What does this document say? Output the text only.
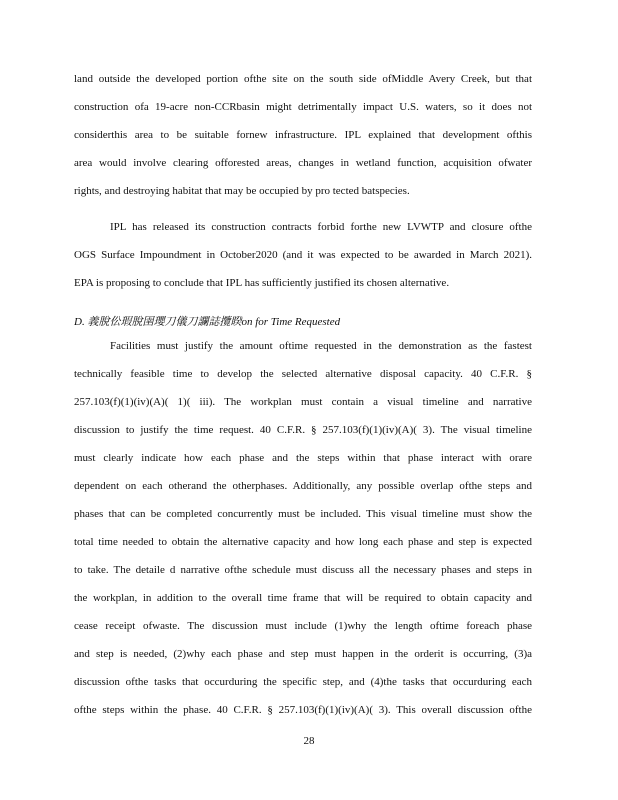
land outside the developed portion ofthe site on the south side ofMiddle Avery Creek, but that
construction ofa 19-acre non-CCRbasin might detrimentally impact U.S. waters, so it does not
considerthis area to be suitable fornew infrastructure. IPL explained that development ofthis
area would involve clearing offorested areas, changes in wetland function, acquisition ofwater
rights, and destroying habitat that may be occupied by pro tected batspecies.
IPL has released its construction contracts forbid forthe new LVWTP and closure ofthe
OGS Surface Impoundment in October2020 (and it was expected to be awarded in March 2021).
EPA is proposing to conclude that IPL has sufficiently justified its chosen alternative.
D. 義脫伀瑕脫圉瓔刀儀刀讕誌攬睽on for Time Requested
Facilities must justify the amount oftime requested in the demonstration as the fastest
technically feasible time to develop the selected alternative disposal capacity. 40 C.F.R. §
257.103(f)(1)(iv)(A)( 1)( iii). The workplan must contain a visual timeline and narrative
discussion to justify the time request. 40 C.F.R. § 257.103(f)(1)(iv)(A)( 3). The visual timeline
must clearly indicate how each phase and the steps within that phase interact with orare
dependent on each otherand the otherphases. Additionally, any possible overlap ofthe steps and
phases that can be completed concurrently must be included. This visual timeline must show the
total time needed to obtain the alternative capacity and how long each phase and step is expected
to take. The detaile d narrative ofthe schedule must discuss all the necessary phases and steps in
the workplan, in addition to the overall time frame that will be required to obtain capacity and
cease receipt ofwaste. The discussion must include (1)why the length oftime foreach phase
and step is needed, (2)why each phase and step must happen in the orderit is occurring, (3)a
discussion ofthe tasks that occurduring the specific step, and (4)the tasks that occurduring each
ofthe steps within the phase. 40 C.F.R. § 257.103(f)(1)(iv)(A)( 3). This overall discussion ofthe
28
